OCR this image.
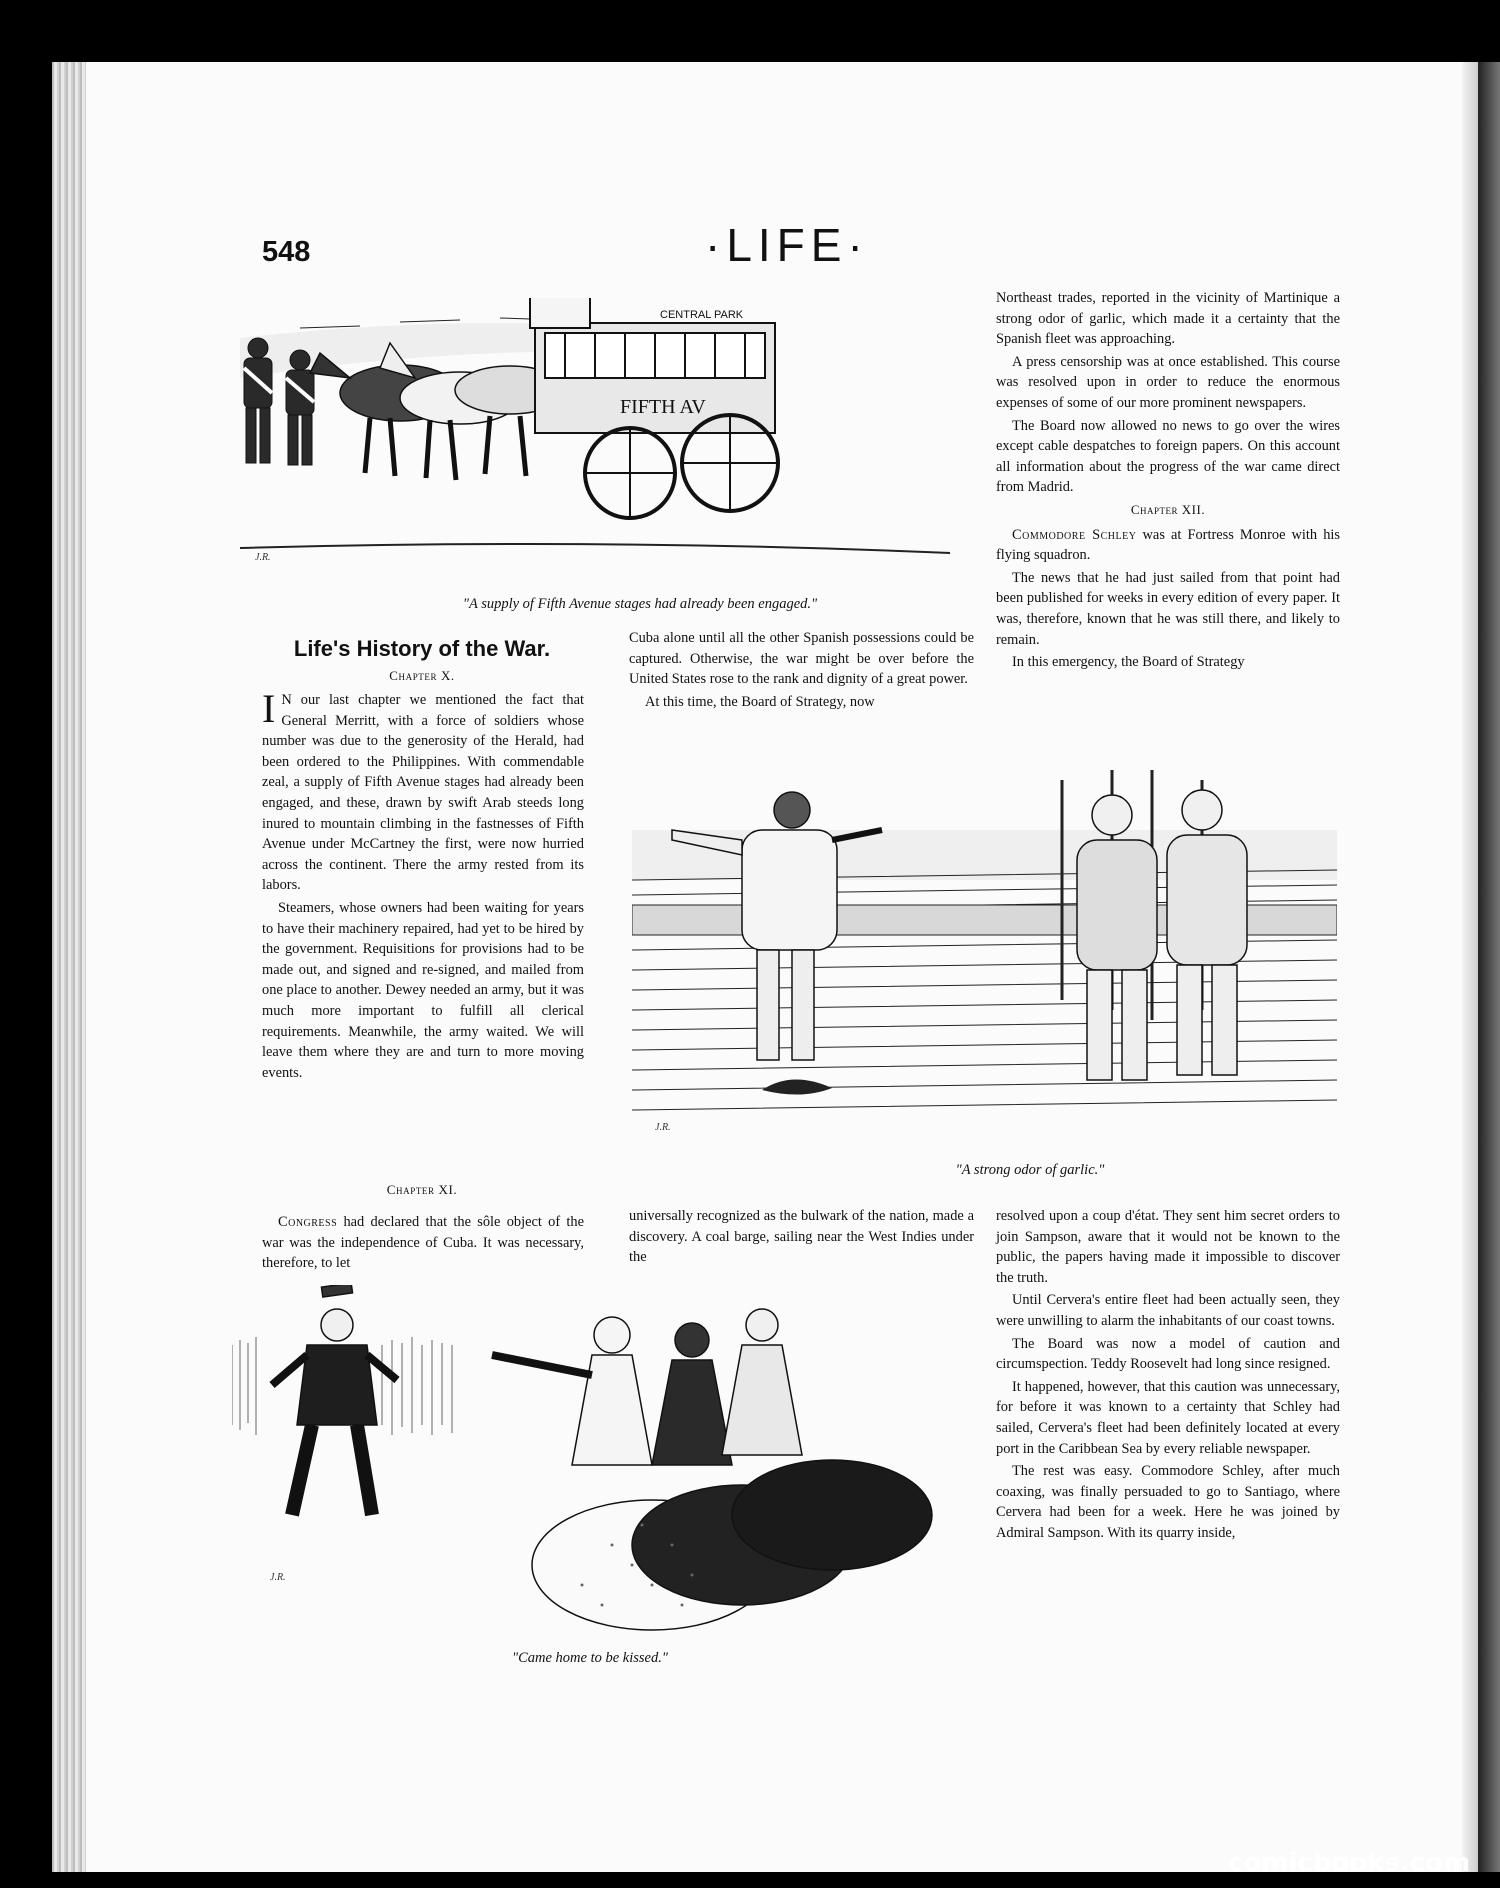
548	·LIFE·
CENTRAL PARK
FIFTH AV
J.R.
"A supply of Fifth Avenue stages had already been engaged."
Life's History of the War.
Chapter X.

I N our last chapter we mentioned the fact that General Merritt, with a force of soldiers whose number was due to the generosity of the Herald, had been ordered to the Philippines. With commendable zeal, a supply of Fifth Avenue stages had already been engaged, and these, drawn by swift Arab steeds long inured to mountain climbing in the fastnesses of Fifth Avenue under McCartney the first, were now hurried across the continent. There the army rested from its labors.

Steamers, whose owners had been waiting for years to have their machinery repaired, had yet to be hired by the government. Requisitions for provisions had to be made out, and signed and re-signed, and mailed from one place to another. Dewey needed an army, but it was much more important to fulfill all clerical requirements. Meanwhile, the army waited. We will leave them where they are and turn to more moving events.

Cuba alone until all the other Spanish possessions could be captured. Otherwise, the war might be over before the United States rose to the rank and dignity of a great power.

At this time, the Board of Strategy, now

Northeast trades, reported in the vicinity of Martinique a strong odor of garlic, which made it a certainty that the Spanish fleet was approaching.

A press censorship was at once established. This course was resolved upon in order to reduce the enormous expenses of some of our more prominent newspapers.

The Board now allowed no news to go over the wires except cable despatches to foreign papers. On this account all information about the progress of the war came direct from Madrid.

Chapter XII.

Commodore Schley was at Fortress Monroe with his flying squadron.

The news that he had just sailed from that point had been published for weeks in every edition of every paper. It was, therefore, known that he was still there, and likely to remain.

In this emergency, the Board of Strategy

J.R.
"A strong odor of garlic."
Chapter XI.

Congress had declared that the sôle object of the war was the independence of Cuba. It was necessary, therefore, to let

universally recognized as the bulwark of the nation, made a discovery. A coal barge, sailing near the West Indies under the

resolved upon a coup d'état. They sent him secret orders to join Sampson, aware that it would not be known to the public, the papers having made it impossible to discover the truth.

Until Cervera's entire fleet had been actually seen, they were unwilling to alarm the inhabitants of our coast towns.

The Board was now a model of caution and circumspection. Teddy Roosevelt had long since resigned.

It happened, however, that this caution was unnecessary, for before it was known to a certainty that Schley had sailed, Cervera's fleet had been definitely located at every port in the Caribbean Sea by every reliable newspaper.

The rest was easy. Commodore Schley, after much coaxing, was finally persuaded to go to Santiago, where Cervera had been for a week. Here he was joined by Admiral Sampson. With its quarry inside,

J.R.
"Came home to be kissed."
comicbooks.com
